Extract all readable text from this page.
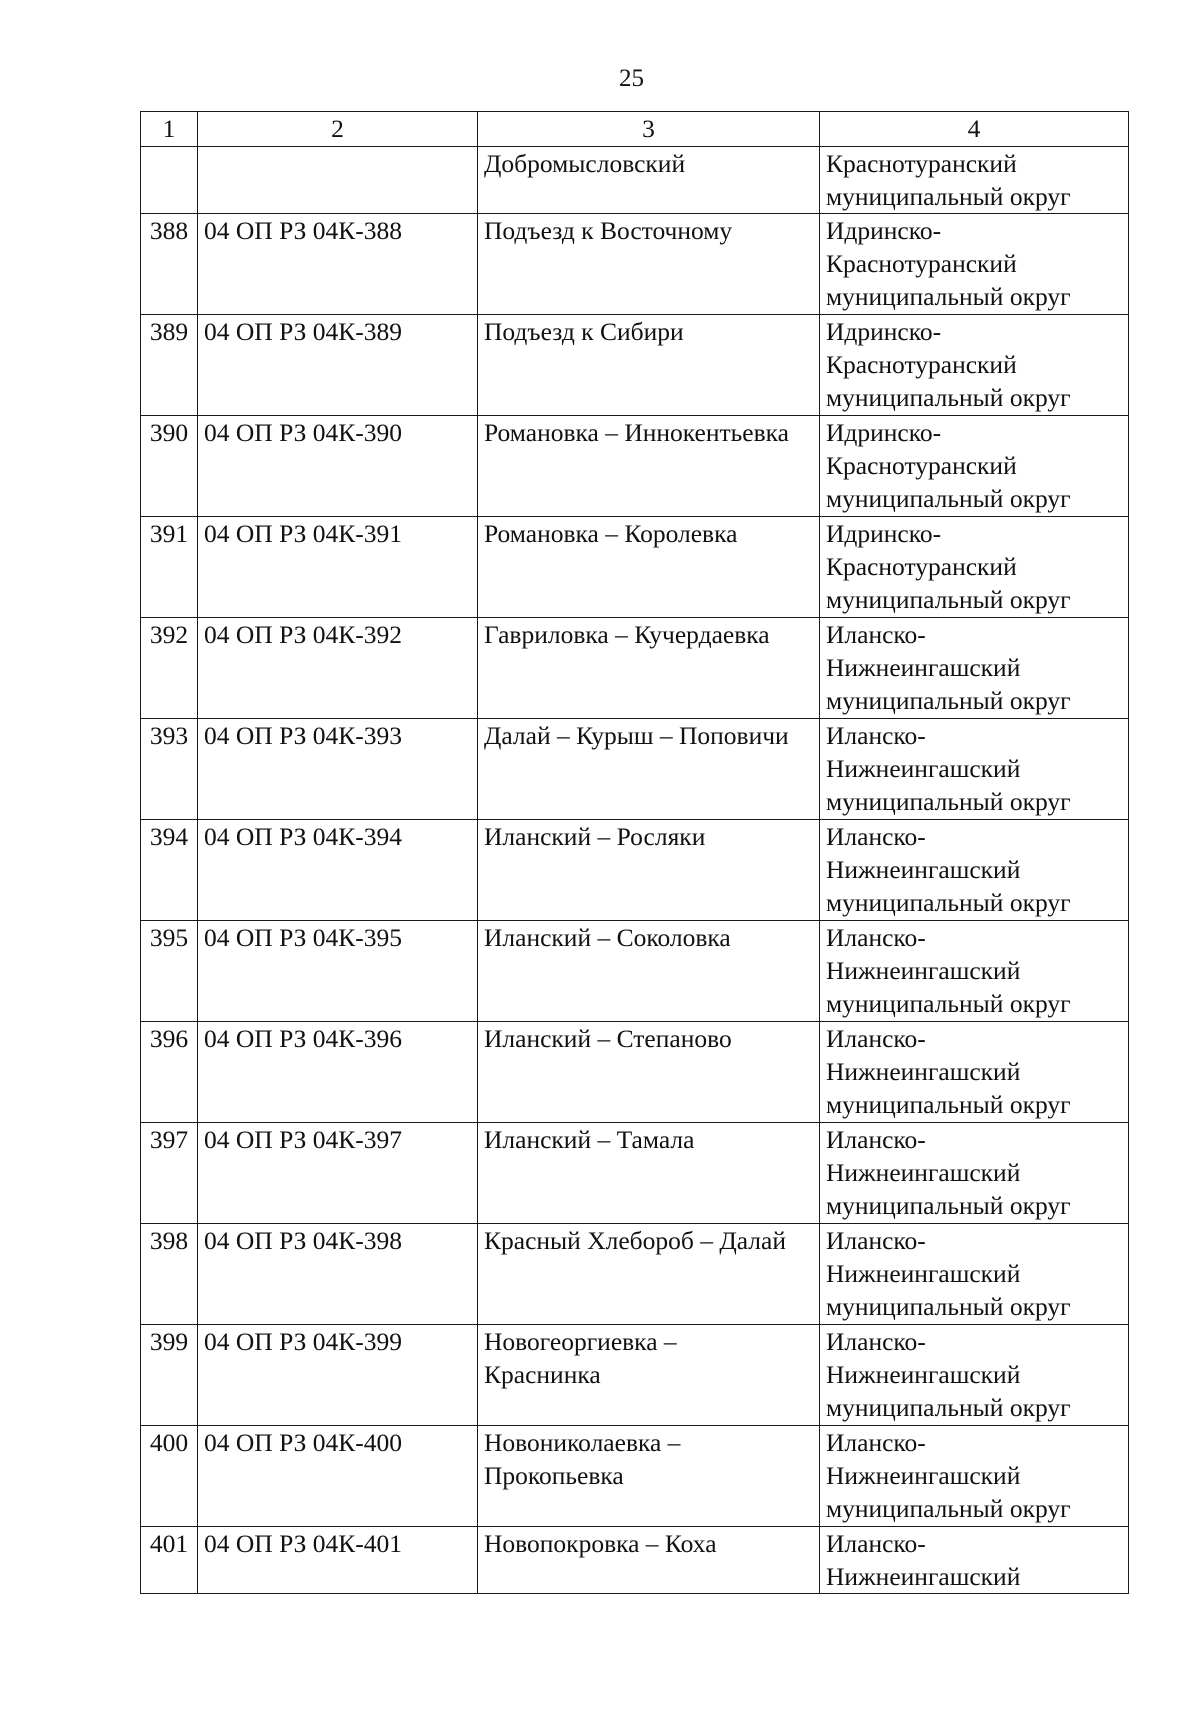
25
1	2	3	4

		Добромысловский	Краснотуранский
муниципальный округ

388	04 ОП РЗ 04К-388	Подъезд к Восточному	Идринско-
Краснотуранский
муниципальный округ

389	04 ОП РЗ 04К-389	Подъезд к Сибири	Идринско-
Краснотуранский
муниципальный округ

390	04 ОП РЗ 04К-390	Романовка – Иннокентьевка	Идринско-
Краснотуранский
муниципальный округ

391	04 ОП РЗ 04К-391	Романовка – Королевка	Идринско-
Краснотуранский
муниципальный округ

392	04 ОП РЗ 04К-392	Гавриловка – Кучердаевка	Иланско-
Нижнеингашский
муниципальный округ

393	04 ОП РЗ 04К-393	Далай – Курыш – Поповичи	Иланско-
Нижнеингашский
муниципальный округ

394	04 ОП РЗ 04К-394	Иланский – Росляки	Иланско-
Нижнеингашский
муниципальный округ

395	04 ОП РЗ 04К-395	Иланский – Соколовка	Иланско-
Нижнеингашский
муниципальный округ

396	04 ОП РЗ 04К-396	Иланский – Степаново	Иланско-
Нижнеингашский
муниципальный округ

397	04 ОП РЗ 04К-397	Иланский – Тамала	Иланско-
Нижнеингашский
муниципальный округ

398	04 ОП РЗ 04К-398	Красный Хлебороб – Далай	Иланско-
Нижнеингашский
муниципальный округ

399	04 ОП РЗ 04К-399	Новогеоргиевка –
Краснинка	Иланско-
Нижнеингашский
муниципальный округ

400	04 ОП РЗ 04К-400	Новониколаевка –
Прокопьевка	Иланско-
Нижнеингашский
муниципальный округ

401	04 ОП РЗ 04К-401	Новопокровка – Коха	Иланско-
Нижнеингашский
